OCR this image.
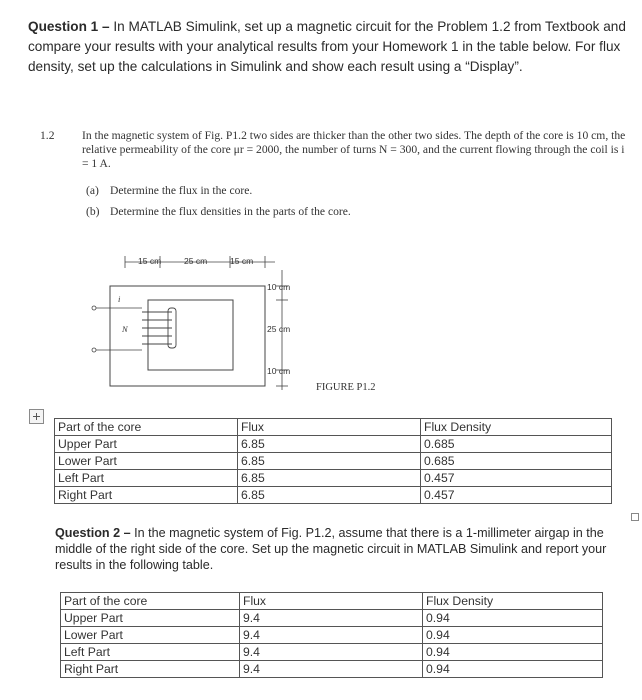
Question 1 – In MATLAB Simulink, set up a magnetic circuit for the Problem 1.2 from Textbook and compare your results with your analytical results from your Homework 1 in the table below. For flux density, set up the calculations in Simulink and show each result using a “Display”.
1.2 In the magnetic system of Fig. P1.2 two sides are thicker than the other two sides. The depth of the core is 10 cm, the relative permeability of the core μr = 2000, the number of turns N = 300, and the current flowing through the coil is i = 1 A.
(a) Determine the flux in the core.
(b) Determine the flux densities in the parts of the core.
15 cm	25 cm	15 cm
10 cm
25 cm
10 cm
N
i
FIGURE P1.2
Part of the core	Flux	Flux Density
Upper Part	6.85	0.685
Lower Part	6.85	0.685
Left Part	6.85	0.457
Right Part	6.85	0.457
Question 2 – In the magnetic system of Fig. P1.2, assume that there is a 1-millimeter airgap in the middle of the right side of the core. Set up the magnetic circuit in MATLAB Simulink and report your results in the following table.
Part of the core	Flux	Flux Density
Upper Part	9.4	0.94
Lower Part	9.4	0.94
Left Part	9.4	0.94
Right Part	9.4	0.94
